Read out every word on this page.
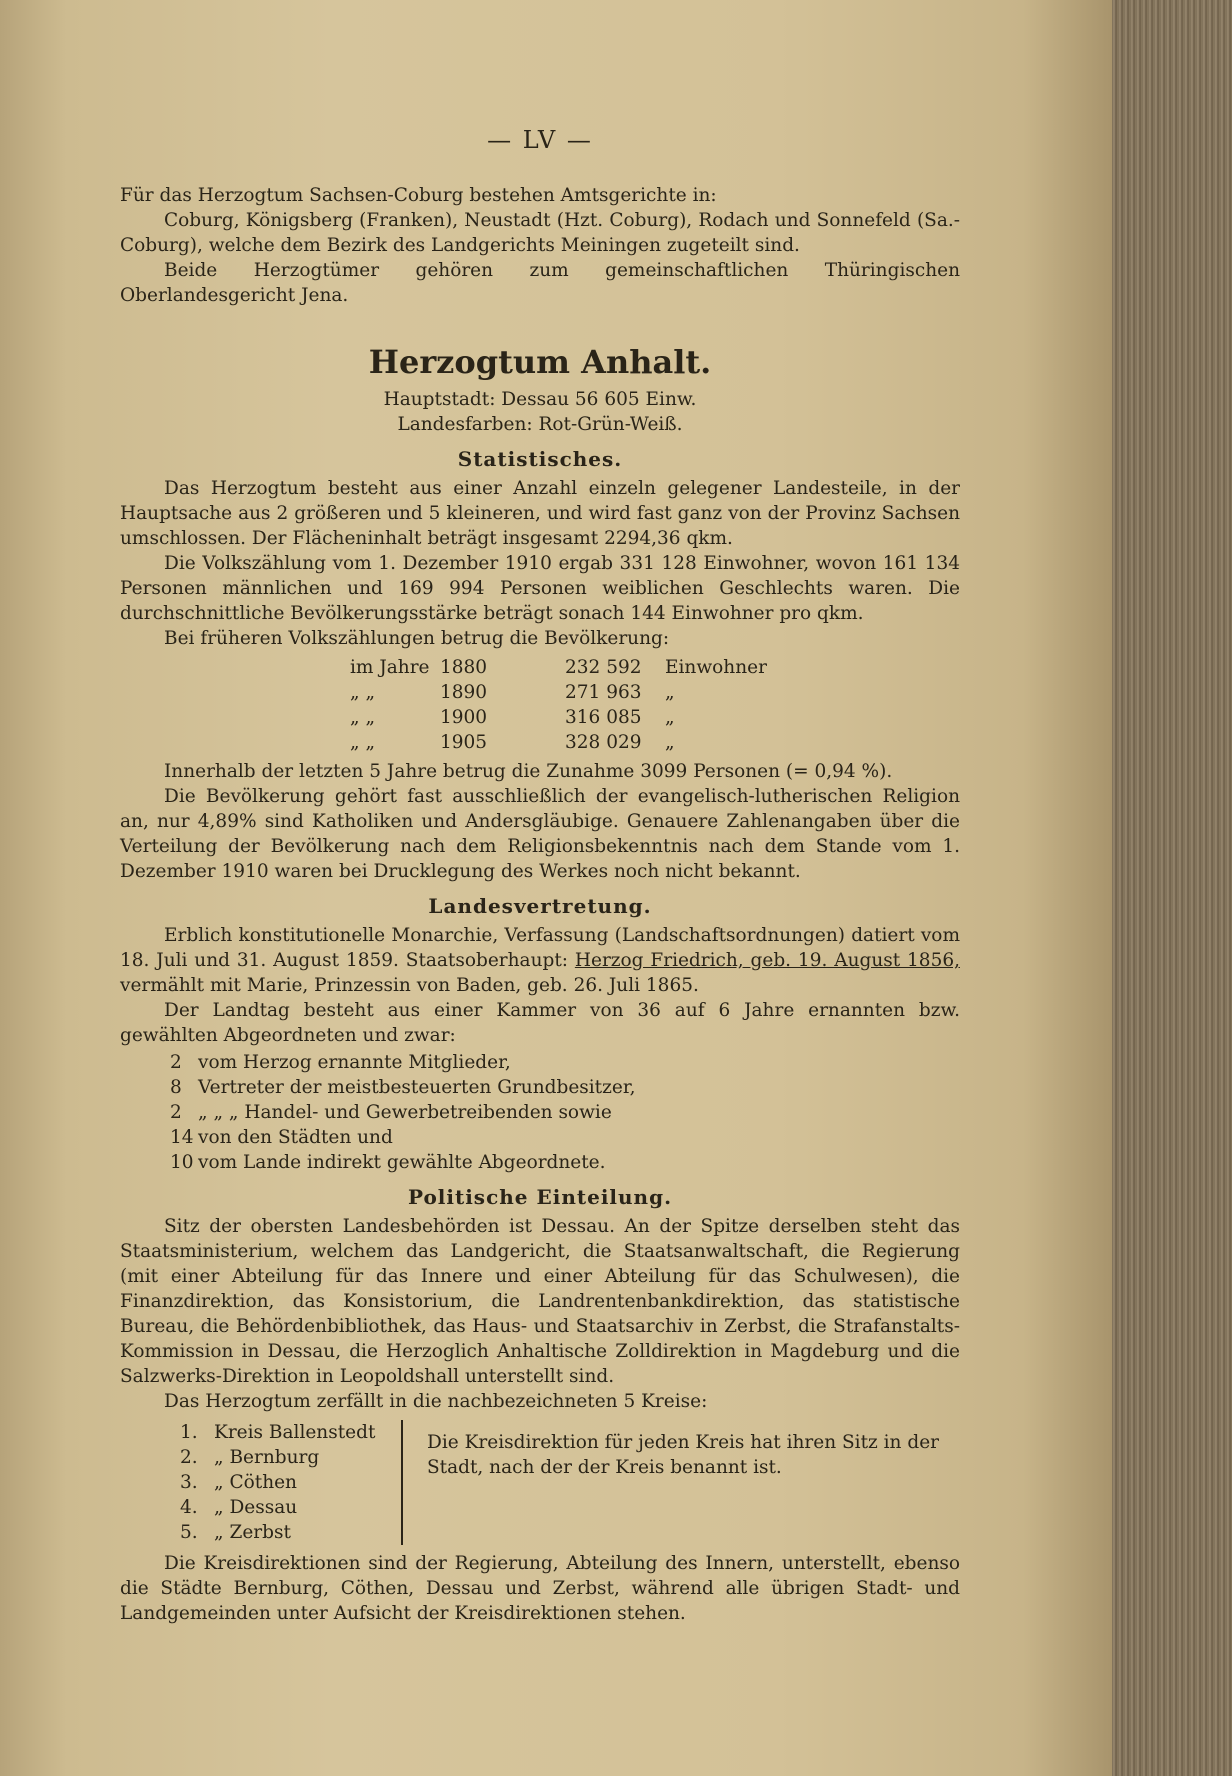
— LV —

Für das Herzogtum Sachsen-Coburg bestehen Amtsgerichte in:

Coburg, Königsberg (Franken), Neustadt (Hzt. Coburg), Rodach und Sonnefeld (Sa.-Coburg), welche dem Bezirk des Landgerichts Meiningen zugeteilt sind.

Beide Herzogtümer gehören zum gemeinschaftlichen Thüringischen Oberlandesgericht Jena.

Herzogtum Anhalt.
Hauptstadt: Dessau 56 605 Einw.
Landesfarben: Rot-Grün-Weiß.
Statistisches.

Das Herzogtum besteht aus einer Anzahl einzeln gelegener Landesteile, in der Hauptsache aus 2 größeren und 5 kleineren, und wird fast ganz von der Provinz Sachsen umschlossen. Der Flächeninhalt beträgt insgesamt 2294,36 qkm.

Die Volkszählung vom 1. Dezember 1910 ergab 331 128 Einwohner, wovon 161 134 Personen männlichen und 169 994 Personen weiblichen Geschlechts waren. Die durchschnittliche Bevölkerungsstärke beträgt sonach 144 Einwohner pro qkm.

Bei früheren Volkszählungen betrug die Bevölkerung:

im Jahre 1880	232 592	Einwohner
„ „	1890	271 963	„
„ „	1900	316 085	„
„ „	1905	328 029	„

Innerhalb der letzten 5 Jahre betrug die Zunahme 3099 Personen (= 0,94 %).

Die Bevölkerung gehört fast ausschließlich der evangelisch-lutherischen Religion an, nur 4,89% sind Katholiken und Andersgläubige. Genauere Zahlenangaben über die Verteilung der Bevölkerung nach dem Religionsbekenntnis nach dem Stande vom 1. Dezember 1910 waren bei Drucklegung des Werkes noch nicht bekannt.

Landesvertretung.

Erblich konstitutionelle Monarchie, Verfassung (Landschaftsordnungen) datiert vom 18. Juli und 31. August 1859. Staatsoberhaupt: Herzog Friedrich, geb. 19. August 1856, vermählt mit Marie, Prinzessin von Baden, geb. 26. Juli 1865.

Der Landtag besteht aus einer Kammer von 36 auf 6 Jahre ernannten bzw. gewählten Abgeordneten und zwar:

2 vom Herzog ernannte Mitglieder,
8 Vertreter der meistbesteuerten Grundbesitzer,
2 „ „ „ Handel- und Gewerbetreibenden sowie
14 von den Städten und
10 vom Lande indirekt gewählte Abgeordnete.
Politische Einteilung.

Sitz der obersten Landesbehörden ist Dessau. An der Spitze derselben steht das Staatsministerium, welchem das Landgericht, die Staatsanwaltschaft, die Regierung (mit einer Abteilung für das Innere und einer Abteilung für das Schulwesen), die Finanzdirektion, das Konsistorium, die Landrentenbankdirektion, das statistische Bureau, die Behördenbibliothek, das Haus- und Staatsarchiv in Zerbst, die Strafanstalts-Kommission in Dessau, die Herzoglich Anhaltische Zolldirektion in Magdeburg und die Salzwerks-Direktion in Leopoldshall unterstellt sind.

Das Herzogtum zerfällt in die nachbezeichneten 5 Kreise:

1. Kreis Ballenstedt
2. „ Bernburg
3. „ Cöthen
4. „ Dessau
5. „ Zerbst
Die Kreisdirektion für jeden Kreis hat ihren Sitz in der Stadt, nach der der Kreis benannt ist.

Die Kreisdirektionen sind der Regierung, Abteilung des Innern, unterstellt, ebenso die Städte Bernburg, Cöthen, Dessau und Zerbst, während alle übrigen Stadt- und Landgemeinden unter Aufsicht der Kreisdirektionen stehen.
